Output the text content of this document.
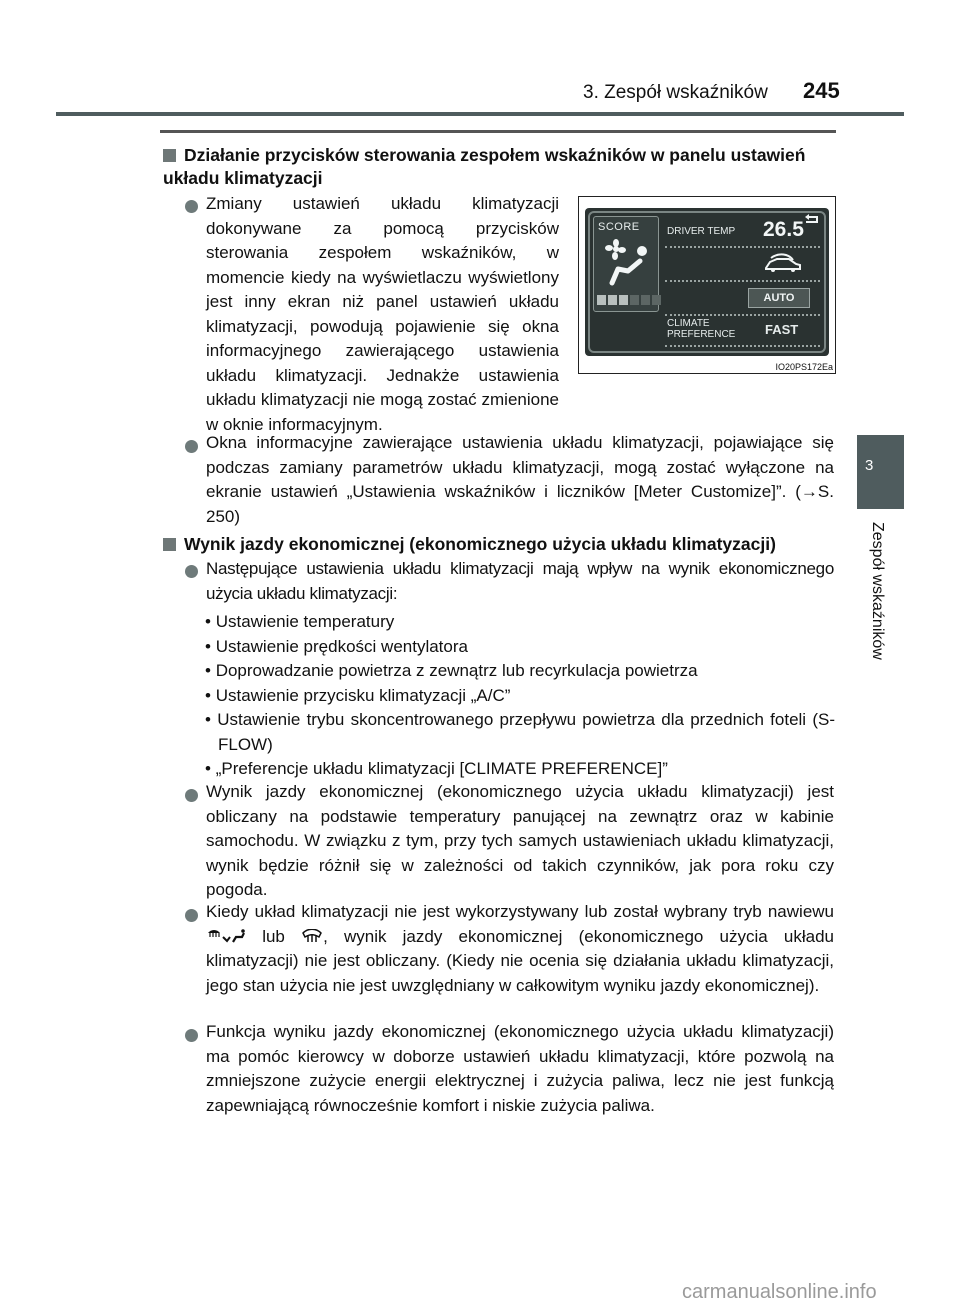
3. Zespół wskaźników 245
3
Zespół wskaźników
Działanie przycisków sterowania zespołem wskaźników w panelu ustawień układu klimatyzacji
Zmiany ustawień układu klimatyzacji dokonywane za pomocą przycisków sterowania zespołem wskaźników, w momencie kiedy na wyświetlaczu wyświetlony jest inny ekran niż panel ustawień układu klimatyzacji, powodują pojawienie się okna informacyjnego zawierającego ustawienia układu klimatyzacji. Jednakże ustawienia układu klimatyzacji nie mogą zostać zmienione w oknie informacyjnym.
SCORE	DRIVER TEMP 26.5
AUTO
CLIMATE
PREFERENCE FAST
IO20PS172Ea
Okna informacyjne zawierające ustawienia układu klimatyzacji, pojawiające się podczas zamiany parametrów układu klimatyzacji, mogą zostać wyłączone na ekranie ustawień „Ustawienia wskaźników i liczników [Meter Customize]”. (→S. 250)
Wynik jazdy ekonomicznej (ekonomicznego użycia układu klimatyzacji)
Następujące ustawienia układu klimatyzacji mają wpływ na wynik ekonomicznego użycia układu klimatyzacji:
• Ustawienie temperatury
• Ustawienie prędkości wentylatora
• Doprowadzanie powietrza z zewnątrz lub recyrkulacja powietrza
• Ustawienie przycisku klimatyzacji „A/C”
• Ustawienie trybu skoncentrowanego przepływu powietrza dla przednich foteli (S-FLOW)
• „Preferencje układu klimatyzacji [CLIMATE PREFERENCE]”
Wynik jazdy ekonomicznej (ekonomicznego użycia układu klimatyzacji) jest obliczany na podstawie temperatury panującej na zewnątrz oraz w kabinie samochodu. W związku z tym, przy tych samych ustawieniach układu klimatyzacji, wynik będzie różnił się w zależności od takich czynników, jak pora roku czy pogoda.
Kiedy układ klimatyzacji nie jest wykorzystywany lub został wybrany tryb nawiewu  lub , wynik jazdy ekonomicznej (ekonomicznego użycia układu klimatyzacji) nie jest obliczany. (Kiedy nie ocenia się działania układu klimatyzacji, jego stan użycia nie jest uwzględniany w całkowitym wyniku jazdy ekonomicznej).
Funkcja wyniku jazdy ekonomicznej (ekonomicznego użycia układu klimatyzacji) ma pomóc kierowcy w doborze ustawień układu klimatyzacji, które pozwolą na zmniejszone zużycie energii elektrycznej i zużycia paliwa, lecz nie jest funkcją zapewniającą równocześnie komfort i niskie zużycia paliwa.
carmanualsonline.info
